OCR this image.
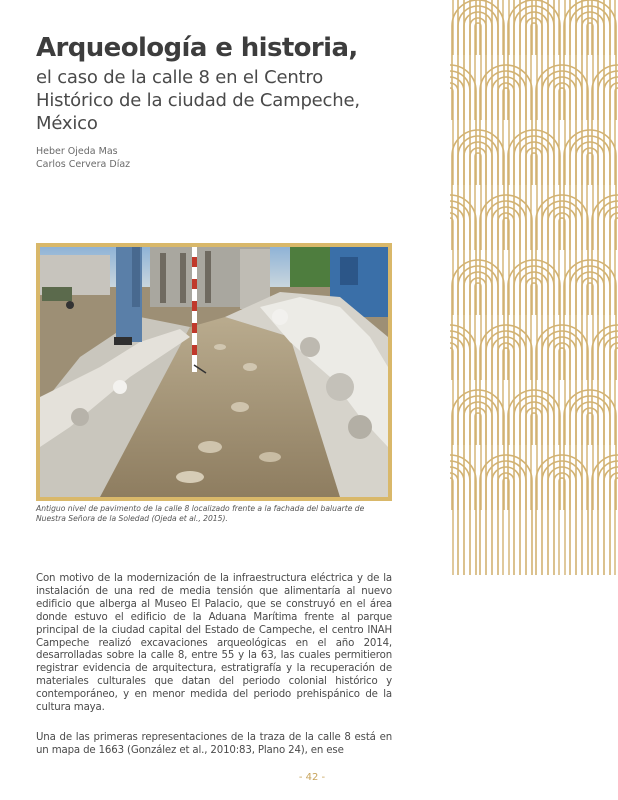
Arqueología e historia,
el caso de la calle 8 en el Centro
Histórico de la ciudad de Campeche,
México
Heber Ojeda Mas
Carlos Cervera Díaz
Antiguo nivel de pavimento de la calle 8 localizado frente a la fachada del baluarte de Nuestra Señora de la Soledad (Ojeda et al., 2015).

Con motivo de la modernización de la infraestructura eléctrica y de la instalación de una red de media tensión que alimentaría al nuevo edificio que alberga al Museo El Palacio, que se construyó en el área donde estuvo el edificio de la Aduana Marítima frente al parque principal de la ciudad capital del Estado de Campeche, el centro INAH Campeche realizó excavaciones arqueológicas en el año 2014, desarrolladas sobre la calle 8, entre 55 y la 63, las cuales permitieron registrar evidencia de arquitectura, estratigrafía y la recuperación de materiales culturales que datan del periodo colonial histórico y contemporáneo, y en menor medida del periodo prehispánico de la cultura maya.

Una de las primeras representaciones de la traza de la calle 8 está en un mapa de 1663 (González et al., 2010:83, Plano 24), en ese

- 42 -
